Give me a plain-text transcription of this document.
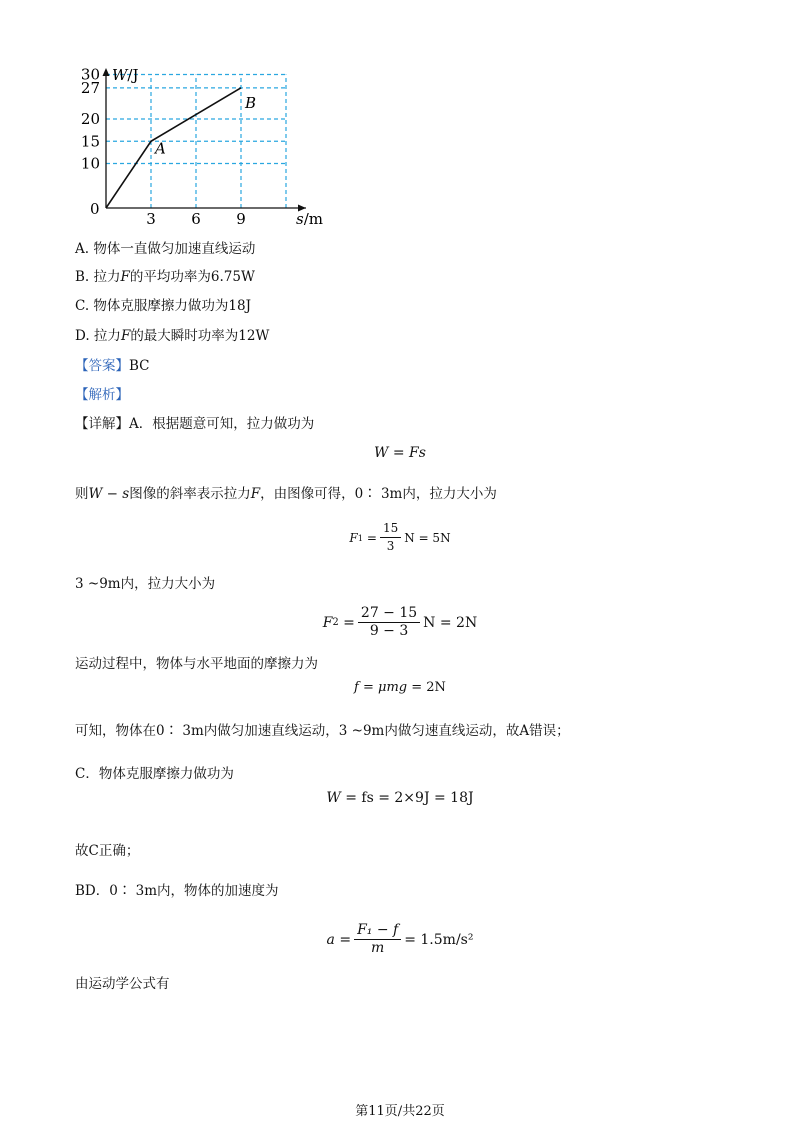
10
15
20
27
30
3 6 9
W/J
s/m
0
A
B
A. 物体一直做匀加速直线运动
B. 拉力F的平均功率为6.75W
C. 物体克服摩擦力做功为18J
D. 拉力F的最大瞬时功率为12W
【答案】BC
【解析】
【详解】A．根据题意可知，拉力做功为
W = Fs
则W − s图像的斜率表示拉力F，由图像可得，0∶ 3m内，拉力大小为
F $1 = \frac{15}{3}$ N = 5N
3 ~9m内，拉力大小为
F $2 = \frac{27 - 15}{9 - 3}$ N = 2N
运动过程中，物体与水平地面的摩擦力为
f = μmg = 2N
可知，物体在0∶ 3m内做匀加速直线运动，3 ~9m内做匀速直线运动，故A错误；
C．物体克服摩擦力做功为
W = fs = 2×9J = 18J
故C正确；
BD．0∶ 3m内，物体的加速度为
$a = \frac{\text{F₁ − f}}{m} = 1.5m/s^2$
由运动学公式有
第11页/共22页
